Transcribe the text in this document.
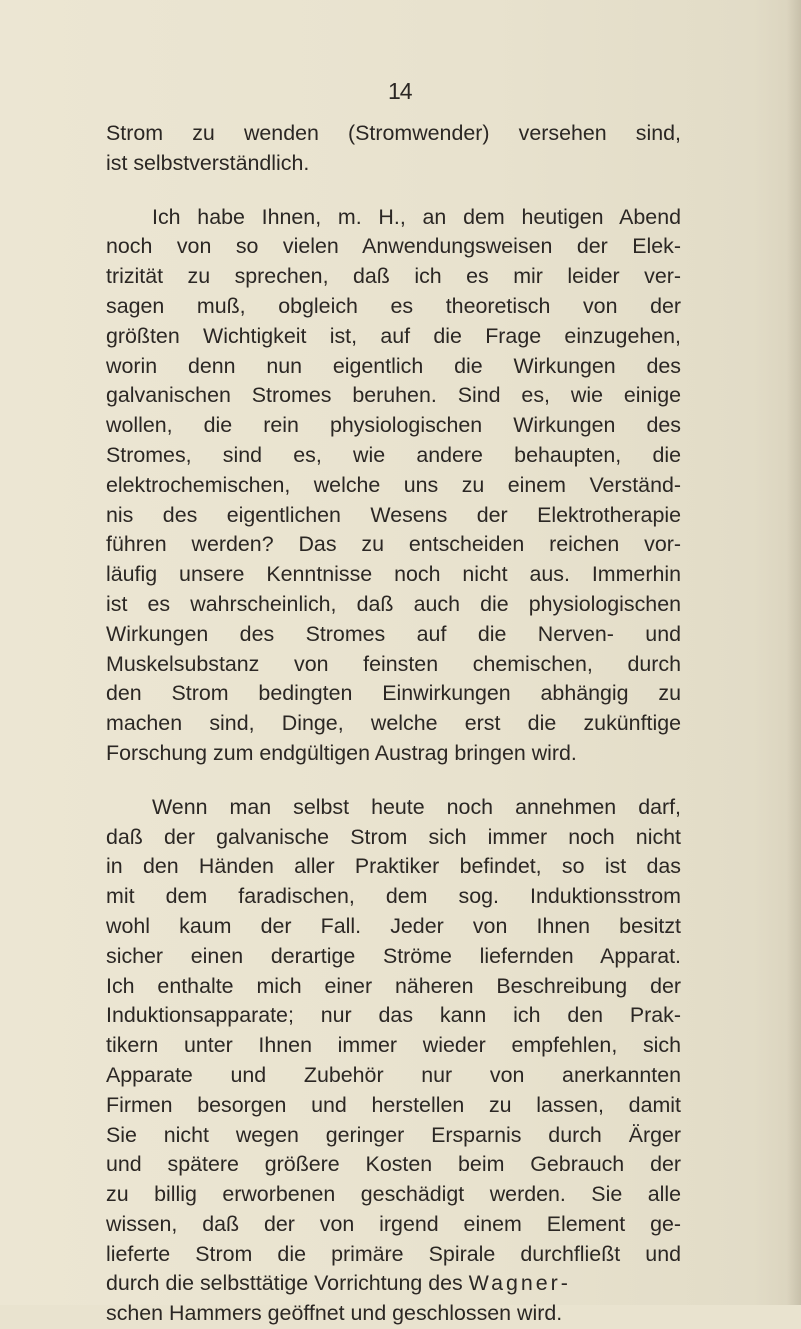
14
Strom zu wenden (Stromwender) versehen sind,
ist selbstverständlich.
Ich habe Ihnen, m. H., an dem heutigen Abend
noch von so vielen Anwendungsweisen der Elek-
trizität zu sprechen, daß ich es mir leider ver-
sagen muß, obgleich es theoretisch von der
größten Wichtigkeit ist, auf die Frage einzugehen,
worin denn nun eigentlich die Wirkungen des
galvanischen Stromes beruhen. Sind es, wie einige
wollen, die rein physiologischen Wirkungen des
Stromes, sind es, wie andere behaupten, die
elektrochemischen, welche uns zu einem Verständ-
nis des eigentlichen Wesens der Elektrotherapie
führen werden? Das zu entscheiden reichen vor-
läufig unsere Kenntnisse noch nicht aus. Immerhin
ist es wahrscheinlich, daß auch die physiologischen
Wirkungen des Stromes auf die Nerven- und
Muskelsubstanz von feinsten chemischen, durch
den Strom bedingten Einwirkungen abhängig zu
machen sind, Dinge, welche erst die zukünftige
Forschung zum endgültigen Austrag bringen wird.
Wenn man selbst heute noch annehmen darf,
daß der galvanische Strom sich immer noch nicht
in den Händen aller Praktiker befindet, so ist das
mit dem faradischen, dem sog. Induktionsstrom
wohl kaum der Fall. Jeder von Ihnen besitzt
sicher einen derartige Ströme liefernden Apparat.
Ich enthalte mich einer näheren Beschreibung der
Induktionsapparate; nur das kann ich den Prak-
tikern unter Ihnen immer wieder empfehlen, sich
Apparate und Zubehör nur von anerkannten
Firmen besorgen und herstellen zu lassen, damit
Sie nicht wegen geringer Ersparnis durch Ärger
und spätere größere Kosten beim Gebrauch der
zu billig erworbenen geschädigt werden. Sie alle
wissen, daß der von irgend einem Element ge-
lieferte Strom die primäre Spirale durchfließt und
durch die selbsttätige Vorrichtung des Wagner-
schen Hammers geöffnet und geschlossen wird.
